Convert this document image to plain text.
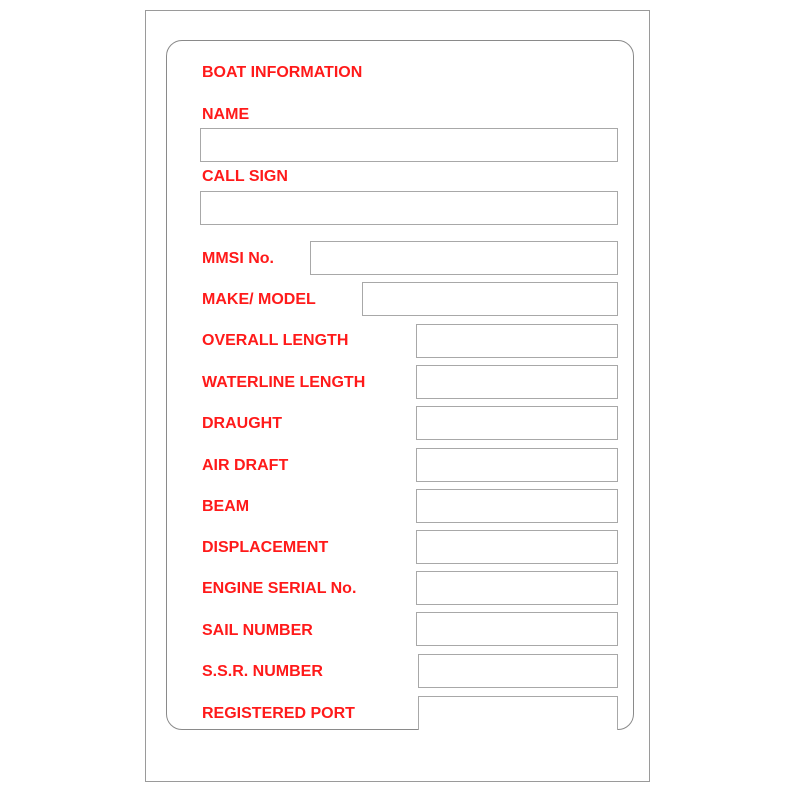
BOAT INFORMATION
NAME
CALL SIGN
MMSI No.
MAKE/ MODEL
OVERALL LENGTH
WATERLINE LENGTH
DRAUGHT
AIR DRAFT
BEAM
DISPLACEMENT
ENGINE SERIAL No.
SAIL NUMBER
S.S.R. NUMBER
REGISTERED PORT
